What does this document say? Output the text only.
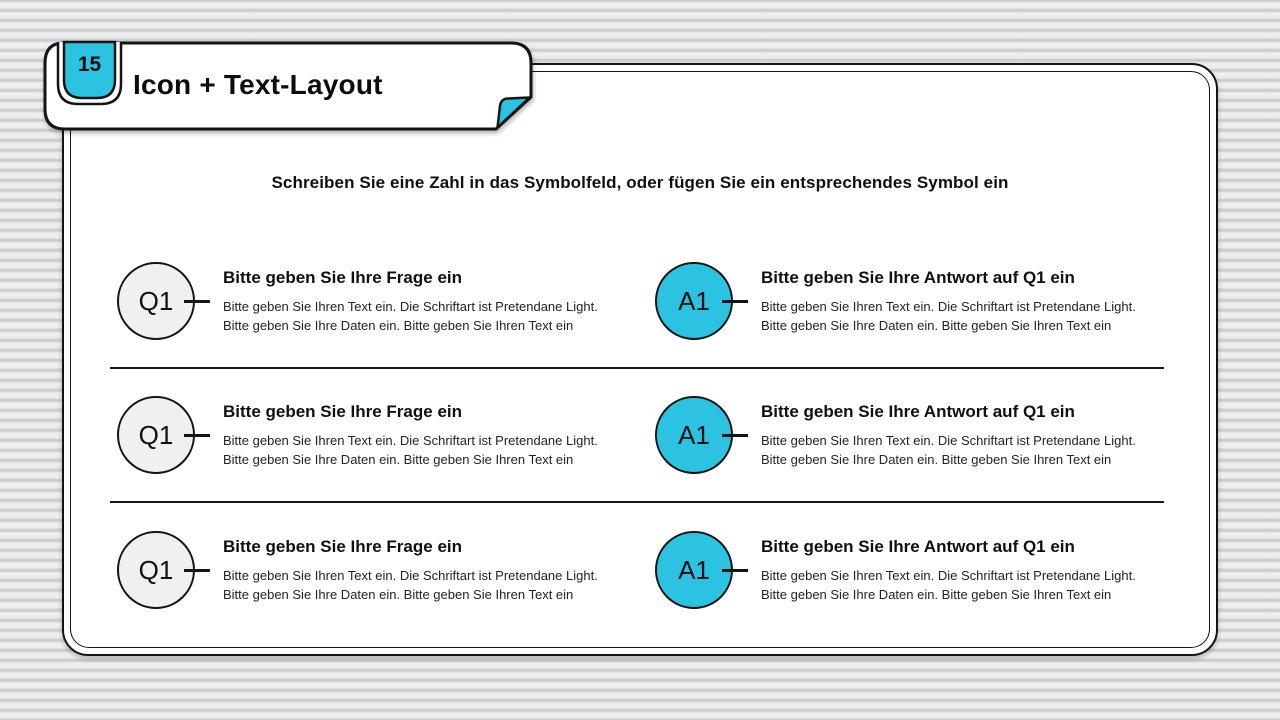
Schreiben Sie eine Zahl in das Symbolfeld, oder fügen Sie ein entsprechendes Symbol ein
Q1
Bitte geben Sie Ihre Frage ein
Bitte geben Sie Ihren Text ein. Die Schriftart ist Pretendane Light.
Bitte geben Sie Ihre Daten ein. Bitte geben Sie Ihren Text ein
A1
Bitte geben Sie Ihre Antwort auf Q1 ein
Bitte geben Sie Ihren Text ein. Die Schriftart ist Pretendane Light.
Bitte geben Sie Ihre Daten ein. Bitte geben Sie Ihren Text ein
Q1
Bitte geben Sie Ihre Frage ein
Bitte geben Sie Ihren Text ein. Die Schriftart ist Pretendane Light.
Bitte geben Sie Ihre Daten ein. Bitte geben Sie Ihren Text ein
A1
Bitte geben Sie Ihre Antwort auf Q1 ein
Bitte geben Sie Ihren Text ein. Die Schriftart ist Pretendane Light.
Bitte geben Sie Ihre Daten ein. Bitte geben Sie Ihren Text ein
Q1
Bitte geben Sie Ihre Frage ein
Bitte geben Sie Ihren Text ein. Die Schriftart ist Pretendane Light.
Bitte geben Sie Ihre Daten ein. Bitte geben Sie Ihren Text ein
A1
Bitte geben Sie Ihre Antwort auf Q1 ein
Bitte geben Sie Ihren Text ein. Die Schriftart ist Pretendane Light.
Bitte geben Sie Ihre Daten ein. Bitte geben Sie Ihren Text ein
15
Icon + Text-Layout
